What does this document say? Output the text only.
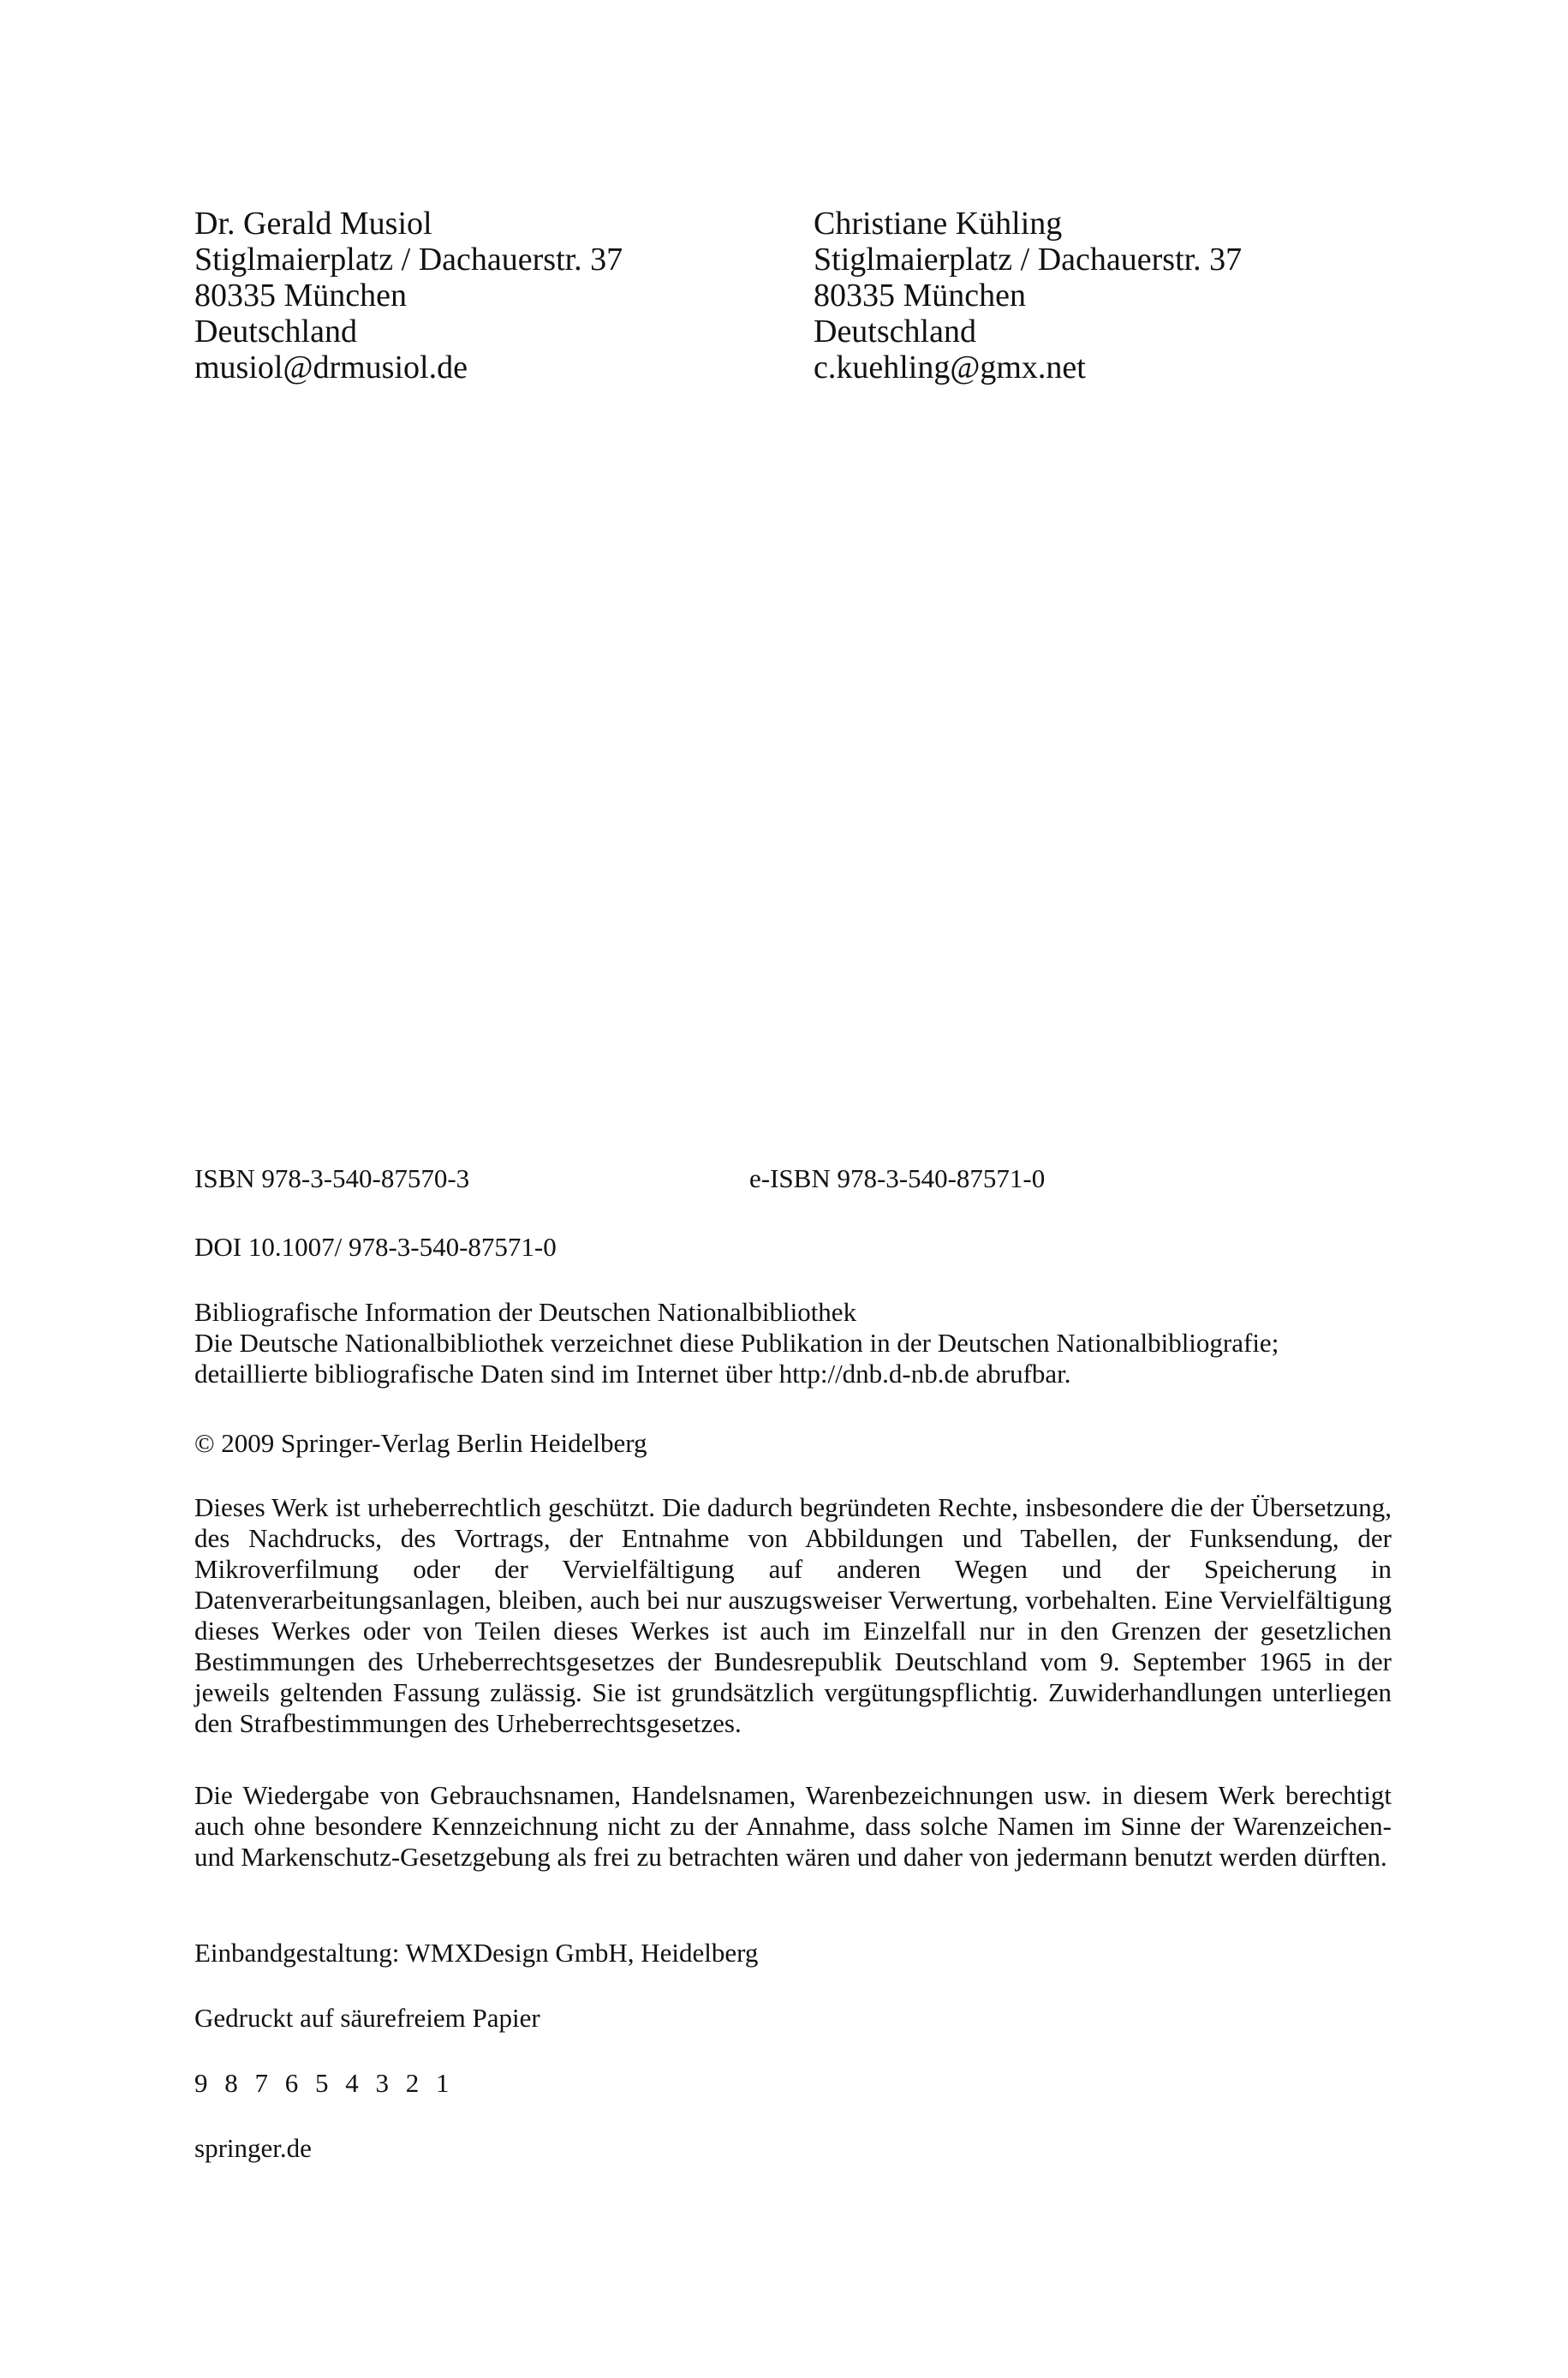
Dr. Gerald Musiol
Stiglmaierplatz / Dachauerstr. 37
80335 München
Deutschland
musiol@drmusiol.de
Christiane Kühling
Stiglmaierplatz / Dachauerstr. 37
80335 München
Deutschland
c.kuehling@gmx.net
ISBN 978-3-540-87570-3	e-ISBN 978-3-540-87571-0
DOI 10.1007/ 978-3-540-87571-0
Bibliografische Information der Deutschen Nationalbibliothek
Die Deutsche Nationalbibliothek verzeichnet diese Publikation in der Deutschen Nationalbibliografie;
detaillierte bibliografische Daten sind im Internet über http://dnb.d-nb.de abrufbar.
© 2009 Springer-Verlag Berlin Heidelberg
Dieses Werk ist urheberrechtlich geschützt. Die dadurch begründeten Rechte, insbesondere die der Übersetzung, des Nachdrucks, des Vortrags, der Entnahme von Abbildungen und Tabellen, der Funksendung, der Mikroverfilmung oder der Vervielfältigung auf anderen Wegen und der Speicherung in Datenverarbeitungsanlagen, bleiben, auch bei nur auszugsweiser Verwertung, vorbehalten. Eine Vervielfältigung dieses Werkes oder von Teilen dieses Werkes ist auch im Einzelfall nur in den Grenzen der gesetzlichen Bestimmungen des Urheberrechtsgesetzes der Bundesrepublik Deutschland vom 9. September 1965 in der jeweils geltenden Fassung zulässig. Sie ist grundsätzlich vergütungspflichtig. Zuwiderhandlungen unterliegen den Strafbestimmungen des Urheberrechtsgesetzes.
Die Wiedergabe von Gebrauchsnamen, Handelsnamen, Warenbezeichnungen usw. in diesem Werk berechtigt auch ohne besondere Kennzeichnung nicht zu der Annahme, dass solche Namen im Sinne der Warenzeichen- und Markenschutz-Gesetzgebung als frei zu betrachten wären und daher von jedermann benutzt werden dürften.
Einbandgestaltung: WMXDesign GmbH, Heidelberg
Gedruckt auf säurefreiem Papier
9 8 7 6 5 4 3 2 1
springer.de
